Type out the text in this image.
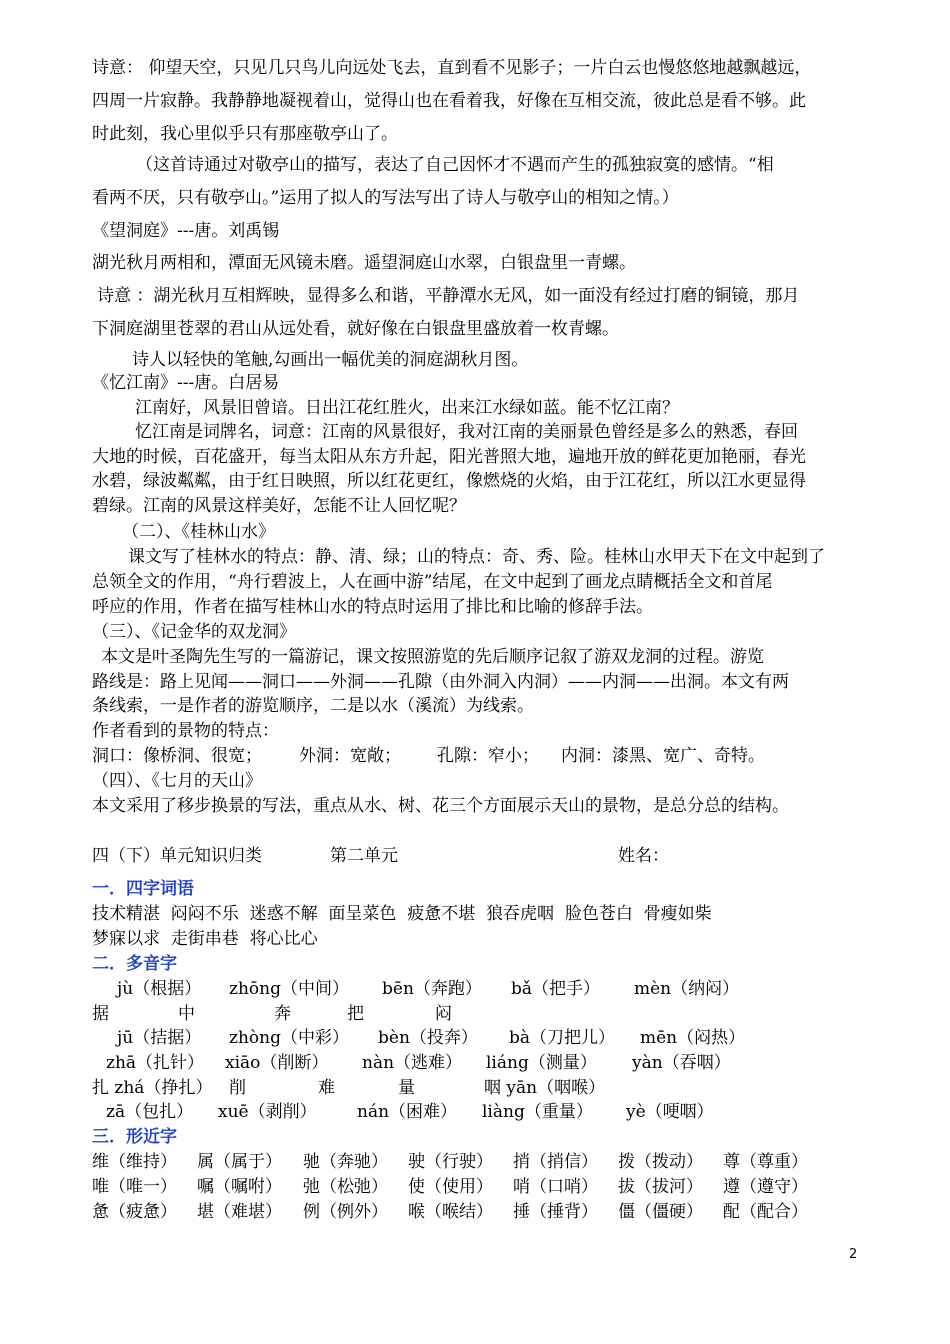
诗意： 仰望天空，只见几只鸟儿向远处飞去，直到看不见影子；一片白云也慢悠悠地越飘越远，
四周一片寂静。我静静地凝视着山，觉得山也在看着我，好像在互相交流，彼此总是看不够。此
时此刻，我心里似乎只有那座敬亭山了。
（这首诗通过对敬亭山的描写，表达了自己因怀才不遇而产生的孤独寂寞的感情。“相
看两不厌，只有敬亭山。”运用了拟人的写法写出了诗人与敬亭山的相知之情。）
《望洞庭》---唐。刘禹锡
湖光秋月两相和，潭面无风镜未磨。遥望洞庭山水翠，白银盘里一青螺。
诗意 ：湖光秋月互相辉映，显得多么和谐，平静潭水无风，如一面没有经过打磨的铜镜，那月
下洞庭湖里苍翠的君山从远处看，就好像在白银盘里盛放着一枚青螺。
诗人以轻快的笔触,勾画出一幅优美的洞庭湖秋月图。
《忆江南》---唐。白居易
江南好，风景旧曾谙。日出江花红胜火，出来江水绿如蓝。能不忆江南？
忆江南是词牌名，词意：江南的风景很好，我对江南的美丽景色曾经是多么的熟悉，春回
大地的时候，百花盛开，每当太阳从东方升起，阳光普照大地，遍地开放的鲜花更加艳丽，春光
水碧，绿波粼粼，由于红日映照，所以红花更红，像燃烧的火焰，由于江花红，所以江水更显得
碧绿。江南的风景这样美好，怎能不让人回忆呢？
（二）、《桂林山水》
课文写了桂林水的特点：静、清、绿；山的特点：奇、秀、险。桂林山水甲天下在文中起到了
总领全文的作用，“舟行碧波上，人在画中游”结尾，在文中起到了画龙点睛概括全文和首尾
呼应的作用，作者在描写桂林山水的特点时运用了排比和比喻的修辞手法。
（三）、《记金华的双龙洞》
本文是叶圣陶先生写的一篇游记，课文按照游览的先后顺序记叙了游双龙洞的过程。游览
路线是：路上见闻——洞口——外洞——孔隙（由外洞入内洞）——内洞——出洞。本文有两
条线索，一是作者的游览顺序，二是以水（溪流）为线索。
作者看到的景物的特点：
洞口：像桥洞、很宽； 外洞：宽敞； 孔隙：窄小； 内洞：漆黑、宽广、奇特。
（四）、《七月的天山》
本文采用了移步换景的写法，重点从水、树、花三个方面展示天山的景物，是总分总的结构。
四（下）单元知识归类	第二单元	姓名：
一．四字词语
技术精湛  闷闷不乐  迷惑不解  面呈菜色  疲惫不堪  狼吞虎咽  脸色苍白  骨瘦如柴
梦寐以求  走街串巷  将心比心
二．多音字
jù（根据） zhōng（中间） bēn（奔跑） bǎ（把手） mèn（纳闷）
据	中	奔	把	闷
jū（拮据） zhòng（中彩） bèn（投奔） bà（刀把儿） mēn（闷热）
zhā（扎针） xiāo（削断） nàn（逃难） liáng（测量） yàn（吞咽）
扎 zhá（挣扎） 削	难	量	咽 yān（咽喉）
zā（包扎） xuē（剥削） nán（困难） liàng（重量） yè（哽咽）
三．形近字
维（维持） 属（属于） 驰（奔驰） 驶（行驶） 捎（捎信） 拨（拨动） 尊（尊重）
唯（唯一） 嘱（嘱咐） 弛（松弛） 使（使用） 哨（口哨） 拔（拔河） 遵（遵守）
惫（疲惫） 堪（难堪） 例（例外） 喉（喉结） 捶（捶背） 僵（僵硬） 配（配合）
2
